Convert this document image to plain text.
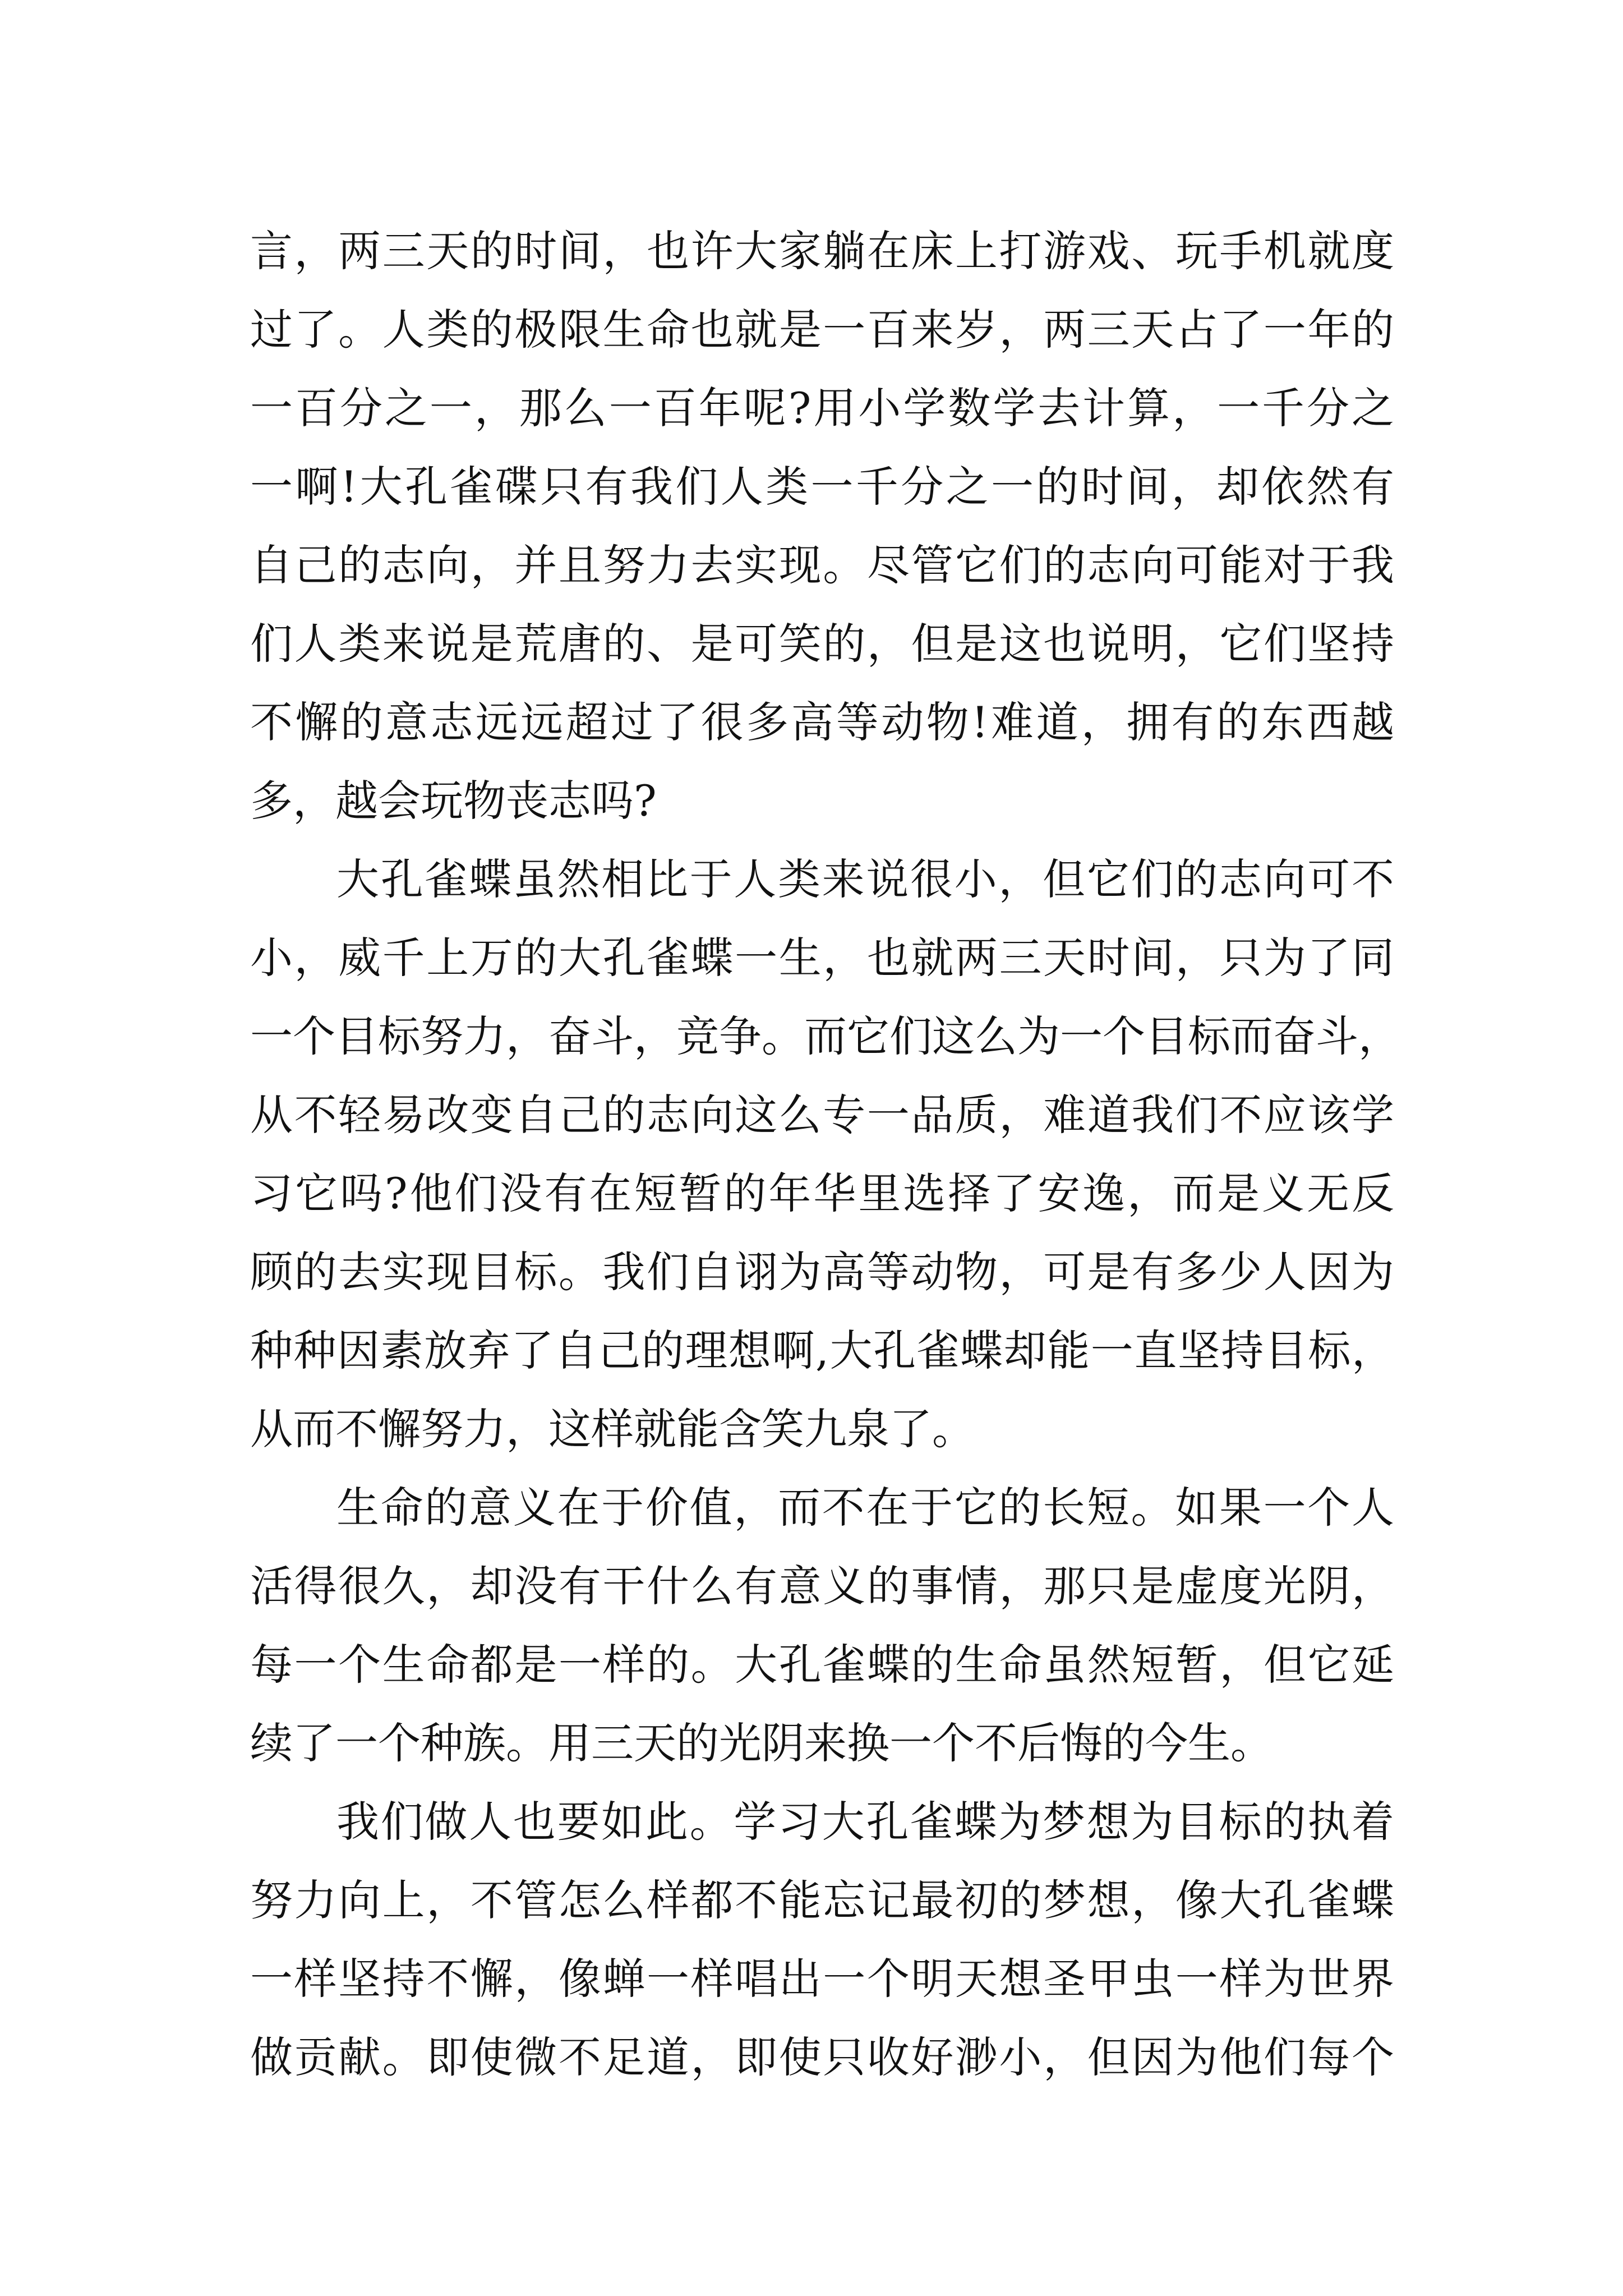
言，两三天的时间，也许大家躺在床上打游戏、玩手机就度
过了。人类的极限生命也就是一百来岁，两三天占了一年的
一百分之一，那么一百年呢?用小学数学去计算，一千分之
一啊!大孔雀碟只有我们人类一千分之一的时间，却依然有
自己的志向，并且努力去实现。尽管它们的志向可能对于我
们人类来说是荒唐的、是可笑的，但是这也说明，它们坚持
不懈的意志远远超过了很多高等动物!难道，拥有的东西越
多，越会玩物丧志吗?
大孔雀蝶虽然相比于人类来说很小，但它们的志向可不
小，威千上万的大孔雀蝶一生，也就两三天时间，只为了同
一个目标努力，奋斗，竞争。而它们这么为一个目标而奋斗，
从不轻易改变自己的志向这么专一品质，难道我们不应该学
习它吗?他们没有在短暂的年华里选择了安逸，而是义无反
顾的去实现目标。我们自诩为高等动物，可是有多少人因为
种种因素放弃了自己的理想啊,大孔雀蝶却能一直坚持目标，
从而不懈努力，这样就能含笑九泉了。
生命的意义在于价值，而不在于它的长短。如果一个人
活得很久，却没有干什么有意义的事情，那只是虚度光阴，
每一个生命都是一样的。大孔雀蝶的生命虽然短暂，但它延
续了一个种族。用三天的光阴来换一个不后悔的今生。
我们做人也要如此。学习大孔雀蝶为梦想为目标的执着
努力向上，不管怎么样都不能忘记最初的梦想，像大孔雀蝶
一样坚持不懈，像蝉一样唱出一个明天想圣甲虫一样为世界
做贡献。即使微不足道，即使只收好渺小，但因为他们每个
